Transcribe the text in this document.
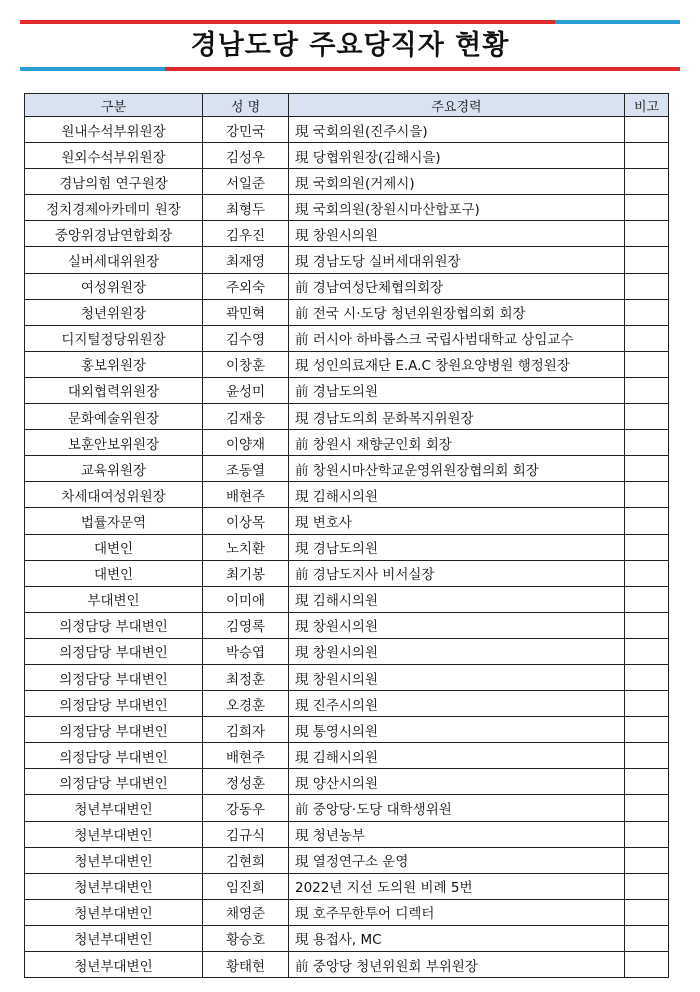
경남도당 주요당직자 현황
구분	성 명	주요경력	비고
원내수석부위원장	강민국	現 국회의원(진주시을)	
원외수석부위원장	김성우	現 당협위원장(김해시을)	
경남의힘 연구원장	서일준	現 국회의원(거제시)	
정치경제아카데미 원장	최형두	現 국회의원(창원시마산합포구)	
중앙위경남연합회장	김우진	現 창원시의원	
실버세대위원장	최재영	現 경남도당 실버세대위원장	
여성위원장	주외숙	前 경남여성단체협의회장	
청년위원장	곽민혁	前 전국 시·도당 청년위원장협의회 회장	
디지털정당위원장	김수영	前 러시아 하바롭스크 국립사범대학교 상임교수	
홍보위원장	이창훈	現 성인의료재단 E.A.C 창원요양병원 행정원장	
대외협력위원장	윤성미	前 경남도의원	
문화예술위원장	김재웅	現 경남도의회 문화복지위원장	
보훈안보위원장	이양재	前 창원시 재향군인회 회장	
교육위원장	조동열	前 창원시마산학교운영위원장협의회 회장	
차세대여성위원장	배현주	現 김해시의원	
법률자문역	이상목	現 변호사	
대변인	노치환	現 경남도의원	
대변인	최기봉	前 경남도지사 비서실장	
부대변인	이미애	現 김해시의원	
의정담당 부대변인	김영록	現 창원시의원	
의정담당 부대변인	박승엽	現 창원시의원	
의정담당 부대변인	최정훈	現 창원시의원	
의정담당 부대변인	오경훈	現 진주시의원	
의정담당 부대변인	김희자	現 통영시의원	
의정담당 부대변인	배현주	現 김해시의원	
의정담당 부대변인	정성훈	現 양산시의원	
청년부대변인	강동우	前 중앙당·도당 대학생위원	
청년부대변인	김규식	現 청년농부	
청년부대변인	김현희	現 열정연구소 운영	
청년부대변인	임진희	2022년 지선 도의원 비례 5번	
청년부대변인	채영준	現 호주무한투어 디렉터	
청년부대변인	황승호	現 용접사, MC	
청년부대변인	황태현	前 중앙당 청년위원회 부위원장	
